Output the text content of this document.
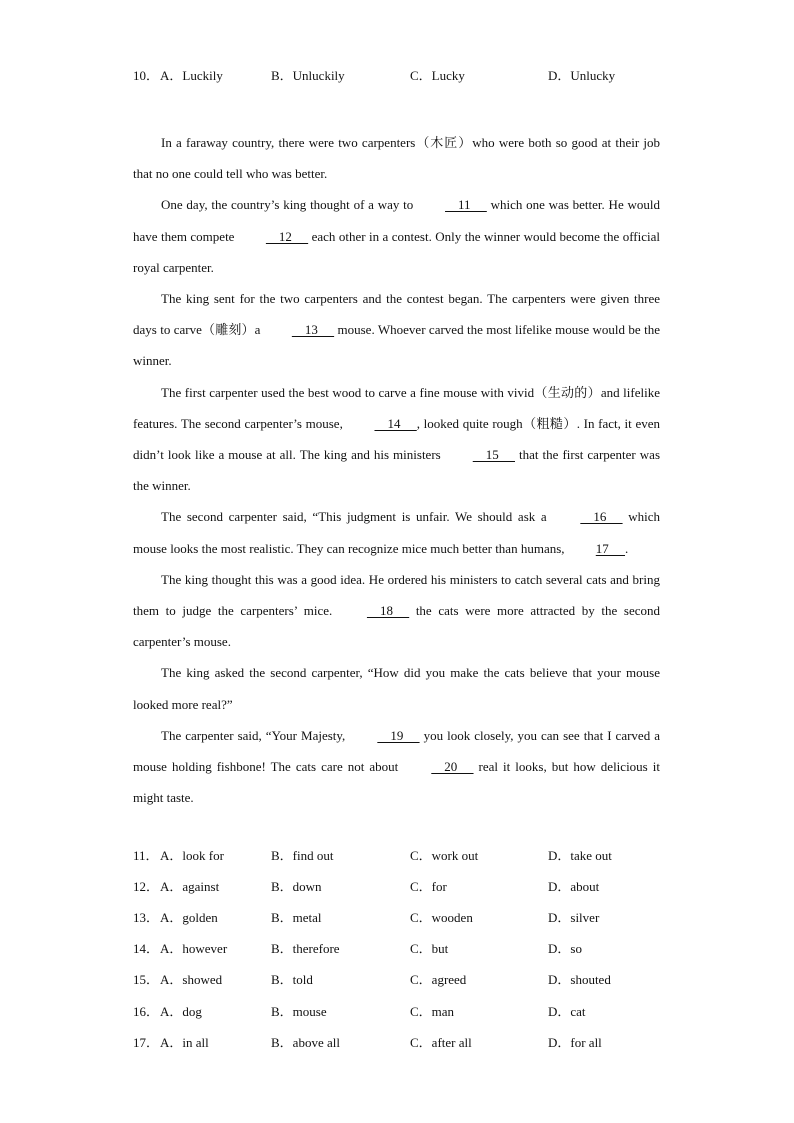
10． A．Luckily	B．Unluckily	C．Lucky	D．Unlucky

In a faraway country, there were two carpenters（木匠）who were both so good at their job that no one could tell who was better.

One day, the country’s king thought of a way to     11      which one was better. He would have them compete     12      each other in a contest. Only the winner would become the official royal carpenter.

The king sent for the two carpenters and the contest began. The carpenters were given three days to carve（雕刻）a     13      mouse. Whoever carved the most lifelike mouse would be the winner.

The first carpenter used the best wood to carve a fine mouse with vivid（生动的）and lifelike features. The second carpenter’s mouse,     14     , looked quite rough（粗糙）. In fact, it even didn’t look like a mouse at all. The king and his ministers     15      that the first carpenter was the winner.

The second carpenter said, “This judgment is unfair. We should ask a     16      which mouse looks the most realistic. They can recognize mice much better than humans, 17     .

The king thought this was a good idea. He ordered his ministers to catch several cats and bring them to judge the carpenters’ mice.     18      the cats were more attracted by the second carpenter’s mouse.

The king asked the second carpenter, “How did you make the cats believe that your mouse looked more real?”

The carpenter said, “Your Majesty,     19      you look closely, you can see that I carved a mouse holding fishbone! The cats care not about     20      real it looks, but how delicious it might taste.

11． A．look for	B．find out	C．work out	D．take out
12． A．against	B．down	C．for	D．about
13． A．golden	B．metal	C．wooden	D．silver
14． A．however	B．therefore	C．but	D．so
15． A．showed	B．told	C．agreed	D．shouted
16． A．dog	B．mouse	C．man	D．cat
17． A．in all	B．above all	C．after all	D．for all
